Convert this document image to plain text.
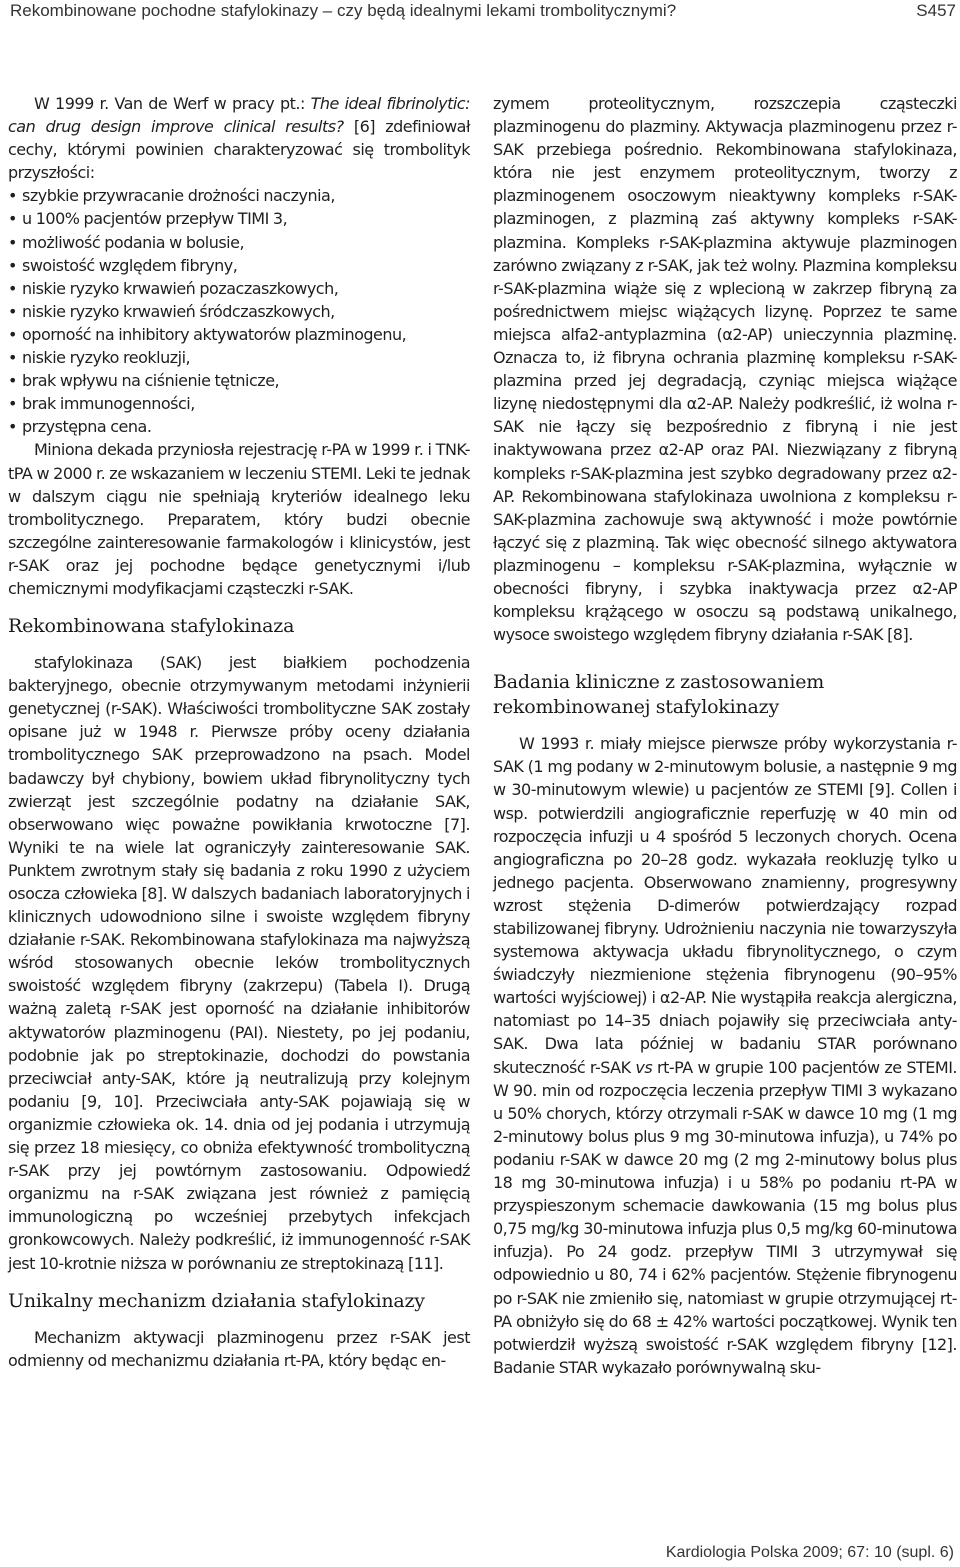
Rekombinowane pochodne stafylokinazy – czy będą idealnymi lekami trombolitycznymi?	S457

W 1999 r. Van de Werf w pracy pt.: The ideal fibrinolytic: can drug design improve clinical results? [6] zdefiniował cechy, którymi powinien charakteryzować się trombolityk przyszłości:

• szybkie przywracanie drożności naczynia,
• u 100% pacjentów przepływ TIMI 3,
• możliwość podania w bolusie,
• swoistość względem fibryny,
• niskie ryzyko krwawień pozaczaszkowych,
• niskie ryzyko krwawień śródczaszkowych,
• oporność na inhibitory aktywatorów plazminogenu,
• niskie ryzyko reokluzji,
• brak wpływu na ciśnienie tętnicze,
• brak immunogenności,
• przystępna cena.

Miniona dekada przyniosła rejestrację r-PA w 1999 r. i TNK-tPA w 2000 r. ze wskazaniem w leczeniu STEMI. Leki te jednak w dalszym ciągu nie spełniają kryteriów idealnego leku trombolitycznego. Preparatem, który budzi obecnie szczególne zainteresowanie farmakologów i klinicystów, jest r-SAK oraz jej pochodne będące genetycznymi i/lub chemicznymi modyfikacjami cząsteczki r-SAK.

Rekombinowana stafylokinaza

stafylokinaza (SAK) jest białkiem pochodzenia bakteryjnego, obecnie otrzymywanym metodami inżynierii genetycznej (r-SAK). Właściwości trombolityczne SAK zostały opisane już w 1948 r. Pierwsze próby oceny działania trombolitycznego SAK przeprowadzono na psach. Model badawczy był chybiony, bowiem układ fibrynolityczny tych zwierząt jest szczególnie podatny na działanie SAK, obserwowano więc poważne powikłania krwotoczne [7]. Wyniki te na wiele lat ograniczyły zainteresowanie SAK. Punktem zwrotnym stały się badania z roku 1990 z użyciem osocza człowieka [8]. W dalszych badaniach laboratoryjnych i klinicznych udowodniono silne i swoiste względem fibryny działanie r-SAK. Rekombinowana stafylokinaza ma najwyższą wśród stosowanych obecnie leków trombolitycznych swoistość względem fibryny (zakrzepu) (Tabela I). Drugą ważną zaletą r-SAK jest oporność na działanie inhibitorów aktywatorów plazminogenu (PAI). Niestety, po jej podaniu, podobnie jak po streptokinazie, dochodzi do powstania przeciwciał anty-SAK, które ją neutralizują przy kolejnym podaniu [9, 10]. Przeciwciała anty-SAK pojawiają się w organizmie człowieka ok. 14. dnia od jej podania i utrzymują się przez 18 miesięcy, co obniża efektywność trombolityczną r-SAK przy jej powtórnym zastosowaniu. Odpowiedź organizmu na r-SAK związana jest również z pamięcią immunologiczną po wcześniej przebytych infekcjach gronkowcowych. Należy podkreślić, iż immunogenność r-SAK jest 10-krotnie niższa w porównaniu ze streptokinazą [11].

Unikalny mechanizm działania stafylokinazy

Mechanizm aktywacji plazminogenu przez r-SAK jest odmienny od mechanizmu działania rt-PA, który będąc en-

zymem proteolitycznym, rozszczepia cząsteczki plazminogenu do plazminy. Aktywacja plazminogenu przez r-SAK przebiega pośrednio. Rekombinowana stafylokinaza, która nie jest enzymem proteolitycznym, tworzy z plazminogenem osoczowym nieaktywny kompleks r-SAK-plazminogen, z plazminą zaś aktywny kompleks r-SAK-plazmina. Kompleks r-SAK-plazmina aktywuje plazminogen zarówno związany z r-SAK, jak też wolny. Plazmina kompleksu r-SAK-plazmina wiąże się z wplecioną w zakrzep fibryną za pośrednictwem miejsc wiążących lizynę. Poprzez te same miejsca alfa2-antyplazmina (α2-AP) unieczynnia plazminę. Oznacza to, iż fibryna ochrania plazminę kompleksu r-SAK-plazmina przed jej degradacją, czyniąc miejsca wiążące lizynę niedostępnymi dla α2-AP. Należy podkreślić, iż wolna r-SAK nie łączy się bezpośrednio z fibryną i nie jest inaktywowana przez α2-AP oraz PAI. Niezwiązany z fibryną kompleks r-SAK-plazmina jest szybko degradowany przez α2-AP. Rekombinowana stafylokinaza uwolniona z kompleksu r-SAK-plazmina zachowuje swą aktywność i może powtórnie łączyć się z plazminą. Tak więc obecność silnego aktywatora plazminogenu – kompleksu r-SAK-plazmina, wyłącznie w obecności fibryny, i szybka inaktywacja przez α2-AP kompleksu krążącego w osoczu są podstawą unikalnego, wysoce swoistego względem fibryny działania r-SAK [8].

Badania kliniczne z zastosowaniem rekombinowanej stafylokinazy

W 1993 r. miały miejsce pierwsze próby wykorzystania r-SAK (1 mg podany w 2-minutowym bolusie, a następnie 9 mg w 30-minutowym wlewie) u pacjentów ze STEMI [9]. Collen i wsp. potwierdzili angiograficznie reperfuzję w 40 min od rozpoczęcia infuzji u 4 spośród 5 leczonych chorych. Ocena angiograficzna po 20–28 godz. wykazała reokluzję tylko u jednego pacjenta. Obserwowano znamienny, progresywny wzrost stężenia D-dimerów potwierdzający rozpad stabilizowanej fibryny. Udrożnieniu naczynia nie towarzyszyła systemowa aktywacja układu fibrynolitycznego, o czym świadczyły niezmienione stężenia fibrynogenu (90–95% wartości wyjściowej) i α2-AP. Nie wystąpiła reakcja alergiczna, natomiast po 14–35 dniach pojawiły się przeciwciała anty-SAK. Dwa lata później w badaniu STAR porównano skuteczność r-SAK vs rt-PA w grupie 100 pacjentów ze STEMI. W 90. min od rozpoczęcia leczenia przepływ TIMI 3 wykazano u 50% chorych, którzy otrzymali r-SAK w dawce 10 mg (1 mg 2-minutowy bolus plus 9 mg 30-minutowa infuzja), u 74% po podaniu r-SAK w dawce 20 mg (2 mg 2-minutowy bolus plus 18 mg 30-minutowa infuzja) i u 58% po podaniu rt-PA w przyspieszonym schemacie dawkowania (15 mg bolus plus 0,75 mg/kg 30-minutowa infuzja plus 0,5 mg/kg 60-minutowa infuzja). Po 24 godz. przepływ TIMI 3 utrzymywał się odpowiednio u 80, 74 i 62% pacjentów. Stężenie fibrynogenu po r-SAK nie zmieniło się, natomiast w grupie otrzymującej rt-PA obniżyło się do 68 ± 42% wartości początkowej. Wynik ten potwierdził wyższą swoistość r-SAK względem fibryny [12]. Badanie STAR wykazało porównywalną sku-

Kardiologia Polska 2009; 67: 10 (supl. 6)
